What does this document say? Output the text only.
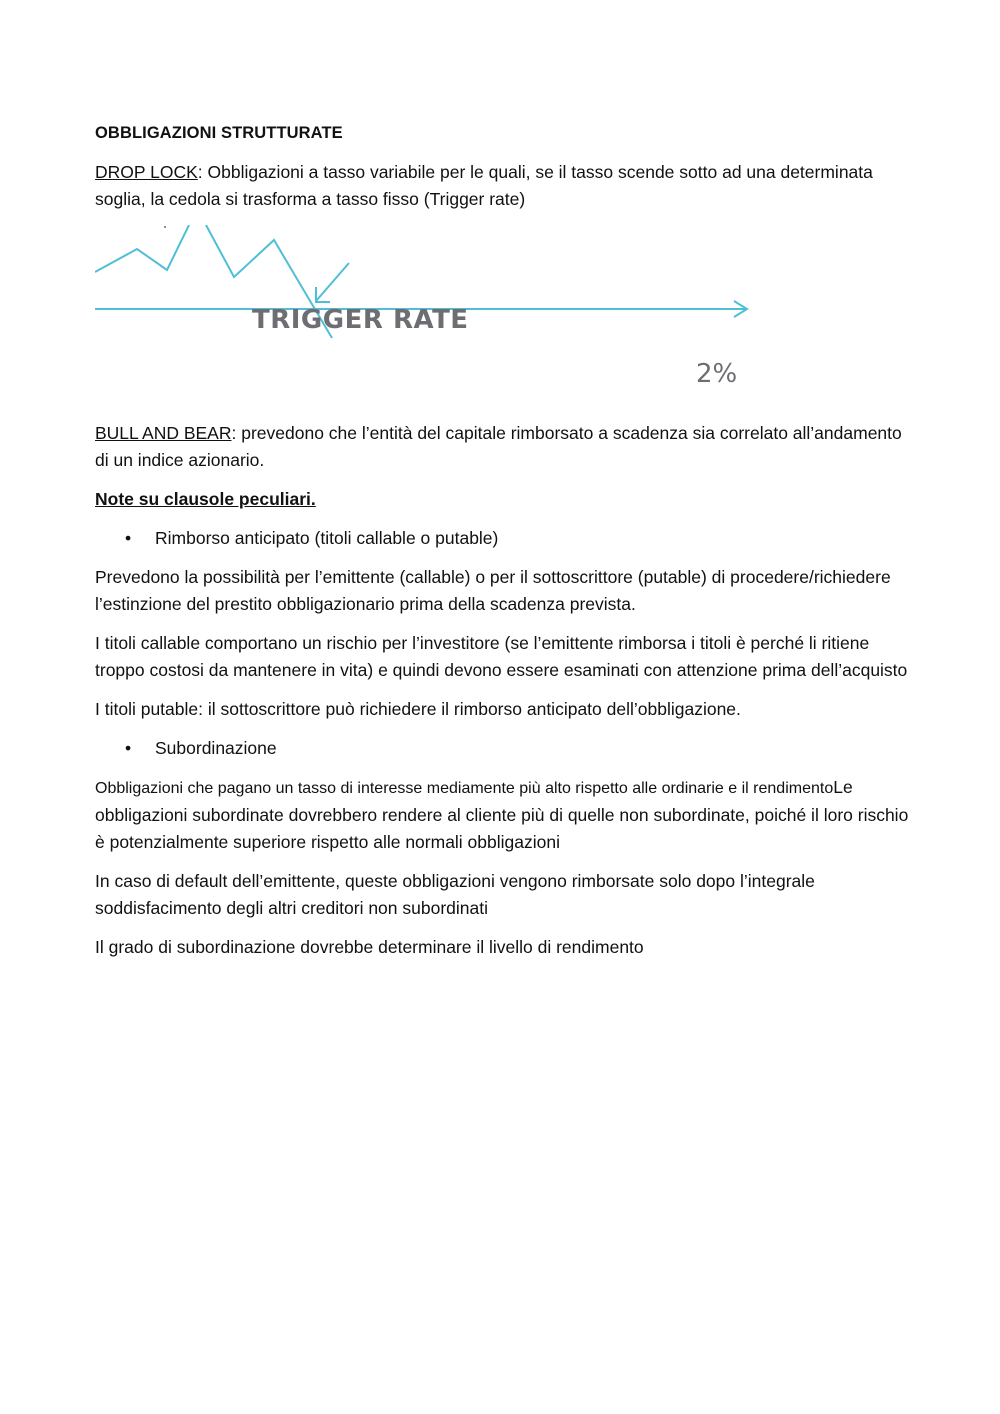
OBBLIGAZIONI STRUTTURATE

DROP LOCK: Obbligazioni a tasso variabile per le quali, se il tasso scende sotto ad una determinata soglia, la cedola si trasforma a tasso fisso (Trigger rate)

TRIGGER RATE
2%

BULL AND BEAR: prevedono che l’entità del capitale rimborsato a scadenza sia correlato all’andamento di un indice azionario.

Note su clausole peculiari.

• Rimborso anticipato (titoli callable o putable)

Prevedono la possibilità per l’emittente (callable) o per il sottoscrittore (putable) di procedere/richiedere l’estinzione del prestito obbligazionario prima della scadenza prevista.

I titoli callable comportano un rischio per l’investitore (se l’emittente rimborsa i titoli è perché li ritiene troppo costosi da mantenere in vita) e quindi devono essere esaminati con attenzione prima dell’acquisto

I titoli putable: il sottoscrittore può richiedere il rimborso anticipato dell’obbligazione.

• Subordinazione

Obbligazioni che pagano un tasso di interesse mediamente più alto rispetto alle ordinarie e il rendimentoLe obbligazioni subordinate dovrebbero rendere al cliente più di quelle non subordinate, poiché il loro rischio è potenzialmente superiore rispetto alle normali obbligazioni

In caso di default dell’emittente, queste obbligazioni vengono rimborsate solo dopo l’integrale soddisfacimento degli altri creditori non subordinati

Il grado di subordinazione dovrebbe determinare il livello di rendimento
